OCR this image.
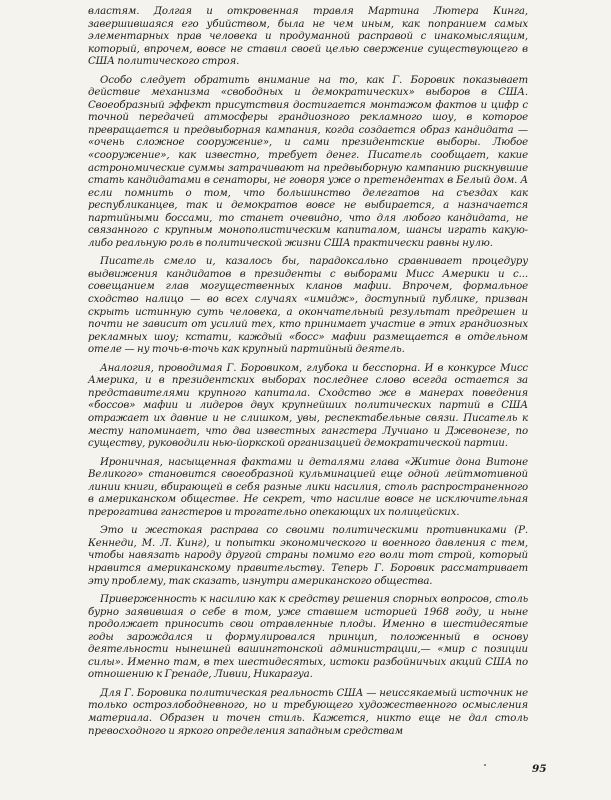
властям. Долгая и откровенная травля Мартина Лютера Кинга, завершившаяся его убийством, была не чем иным, как попранием самых элементарных прав человека и продуманной расправой с инакомыслящим, который, впрочем, вовсе не ставил своей целью свержение существующего в США политического строя.

Особо следует обратить внимание на то, как Г. Боровик показывает действие механизма «свободных и демократических» выборов в США. Своеобразный эффект присутствия достигается монтажом фактов и цифр с точной передачей атмосферы грандиозного рекламного шоу, в которое превращается и предвыборная кампания, когда создается образ кандидата — «очень сложное сооружение», и сами президентские выборы. Любое «сооружение», как известно, требует денег. Писатель сообщает, какие астрономические суммы затрачивают на предвыборную кампанию рискнувшие стать кандидатами в сенаторы, не говоря уже о претендентах в Белый дом. А если помнить о том, что большинство делегатов на съездах как республиканцев, так и демократов вовсе не выбирается, а назначается партийными боссами, то станет очевидно, что для любого кандидата, не связанного с крупным монополистическим капиталом, шансы играть какую-либо реальную роль в политической жизни США практически равны нулю.

Писатель смело и, казалось бы, парадоксально сравнивает процедуру выдвижения кандидатов в президенты с выборами Мисс Америки и с... совещанием глав могущественных кланов мафии. Впрочем, формальное сходство налицо — во всех случаях «имидж», доступный публике, призван скрыть истинную суть человека, а окончательный результат предрешен и почти не зависит от усилий тех, кто принимает участие в этих грандиозных рекламных шоу; кстати, каждый «босс» мафии размещается в отдельном отеле — ну точь-в-точь как крупный партийный деятель.

Аналогия, проводимая Г. Боровиком, глубока и бесспорна. И в конкурсе Мисс Америка, и в президентских выборах последнее слово всегда остается за представителями крупного капитала. Сходство же в манерах поведения «боссов» мафии и лидеров двух крупнейших политических партий в США отражает их давние и не слишком, увы, респектабельные связи. Писатель к месту напоминает, что два известных гангстера Лучиано и Джевонезе, по существу, руководили нью-йоркской организацией демократической партии.

Ироничная, насыщенная фактами и деталями глава «Житие дона Витоне Великого» становится своеобразной кульминацией еще одной лейтмотивной линии книги, вбирающей в себя разные лики насилия, столь распространенного в американском обществе. Не секрет, что насилие вовсе не исключительная прерогатива гангстеров и трогательно опекающих их полицейских.

Это и жестокая расправа со своими политическими противниками (Р. Кеннеди, М. Л. Кинг), и попытки экономического и военного давления с тем, чтобы навязать народу другой страны помимо его воли тот строй, который нравится американскому правительству. Теперь Г. Боровик рассматривает эту проблему, так сказать, изнутри американского общества.

Приверженность к насилию как к средству решения спорных вопросов, столь бурно заявившая о себе в том, уже ставшем историей 1968 году, и ныне продолжает приносить свои отравленные плоды. Именно в шестидесятые годы зарождался и формулировался принцип, положенный в основу деятельности нынешней вашингтонской администрации,— «мир с позиции силы». Именно там, в тех шестидесятых, истоки разбойничьих акций США по отношению к Гренаде, Ливии, Никарагуа.

Для Г. Боровика политическая реальность США — неиссякаемый источник не только острозлободневного, но и требующего художественного осмысления материала. Образен и точен стиль. Кажется, никто еще не дал столь превосходного и яркого определения западным средствам

95
